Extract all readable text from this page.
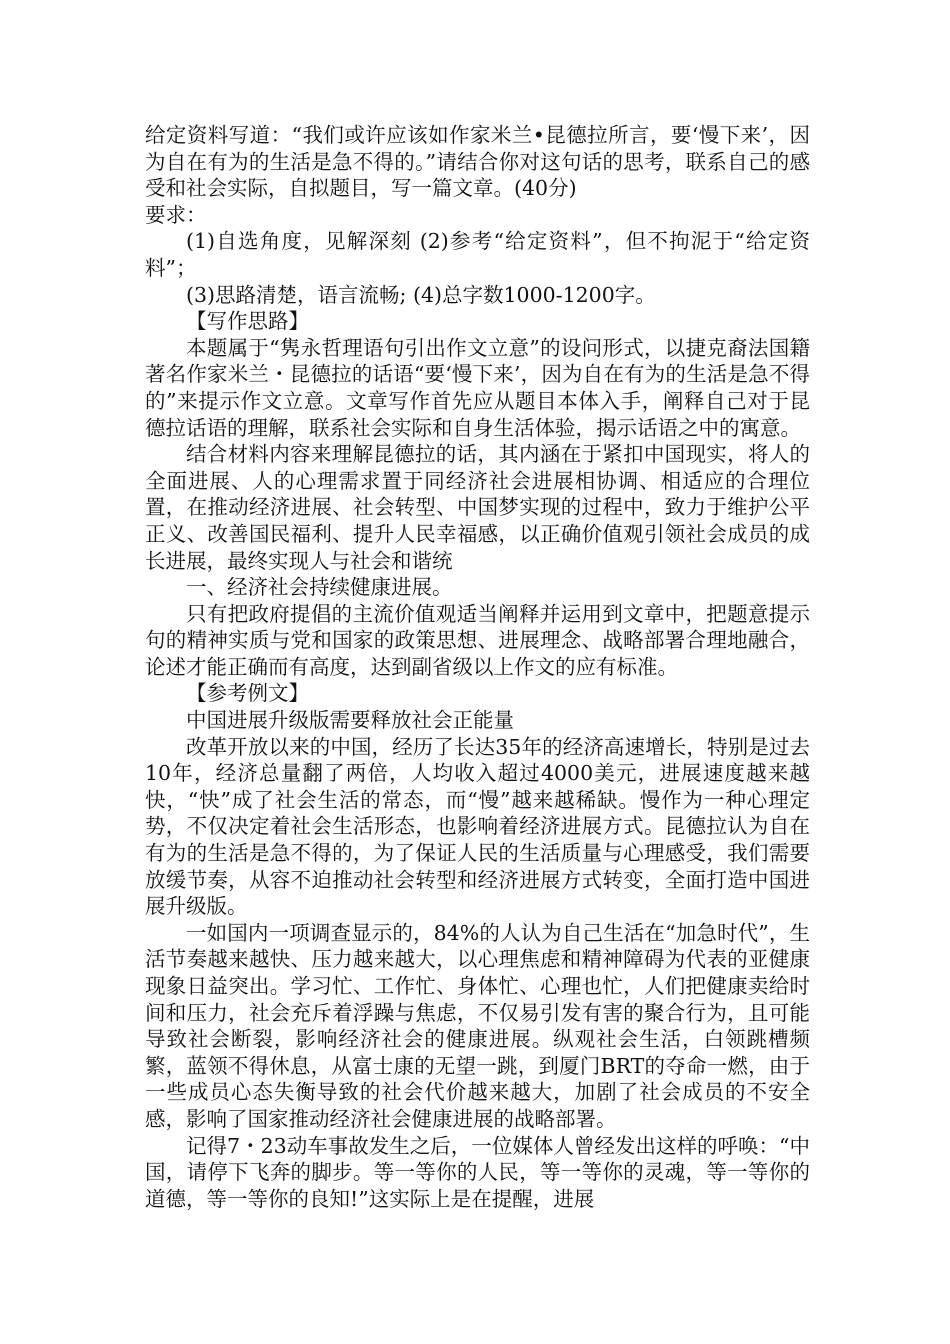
给定资料写道：“我们或许应该如作家米兰•昆德拉所言，要‘慢下来’，因为自在有为的生活是急不得的。”请结合你对这句话的思考，联系自己的感受和社会实际，自拟题目，写一篇文章。(40分)

要求：

(1)自选角度，见解深刻 (2)参考“给定资料”，但不拘泥于“给定资料”；

(3)思路清楚，语言流畅; (4)总字数1000-1200字。

【写作思路】

本题属于“隽永哲理语句引出作文立意”的设问形式，以捷克裔法国籍著名作家米兰・昆德拉的话语“要‘慢下来’，因为自在有为的生活是急不得的”来提示作文立意。文章写作首先应从题目本体入手，阐释自己对于昆德拉话语的理解，联系社会实际和自身生活体验，揭示话语之中的寓意。

结合材料内容来理解昆德拉的话，其内涵在于紧扣中国现实，将人的全面进展、人的心理需求置于同经济社会进展相协调、相适应的合理位置，在推动经济进展、社会转型、中国梦实现的过程中，致力于维护公平正义、改善国民福利、提升人民幸福感，以正确价值观引领社会成员的成长进展，最终实现人与社会和谐统

一、经济社会持续健康进展。

只有把政府提倡的主流价值观适当阐释并运用到文章中，把题意提示句的精神实质与党和国家的政策思想、进展理念、战略部署合理地融合，论述才能正确而有高度，达到副省级以上作文的应有标准。

【参考例文】

中国进展升级版需要释放社会正能量

改革开放以来的中国，经历了长达35年的经济高速增长，特别是过去10年，经济总量翻了两倍，人均收入超过4000美元，进展速度越来越快，“快”成了社会生活的常态，而“慢”越来越稀缺。慢作为一种心理定势，不仅决定着社会生活形态，也影响着经济进展方式。昆德拉认为自在有为的生活是急不得的，为了保证人民的生活质量与心理感受，我们需要放缓节奏，从容不迫推动社会转型和经济进展方式转变，全面打造中国进展升级版。

一如国内一项调查显示的，84%的人认为自己生活在“加急时代”，生活节奏越来越快、压力越来越大，以心理焦虑和精神障碍为代表的亚健康现象日益突出。学习忙、工作忙、身体忙、心理也忙，人们把健康卖给时间和压力，社会充斥着浮躁与焦虑，不仅易引发有害的聚合行为，且可能导致社会断裂，影响经济社会的健康进展。纵观社会生活，白领跳槽频繁，蓝领不得休息，从富士康的无望一跳，到厦门BRT的夺命一燃，由于一些成员心态失衡导致的社会代价越来越大，加剧了社会成员的不安全感，影响了国家推动经济社会健康进展的战略部署。

记得7・23动车事故发生之后，一位媒体人曾经发出这样的呼唤：“中国，请停下飞奔的脚步。等一等你的人民，等一等你的灵魂，等一等你的道德，等一等你的良知!”这实际上是在提醒，进展
